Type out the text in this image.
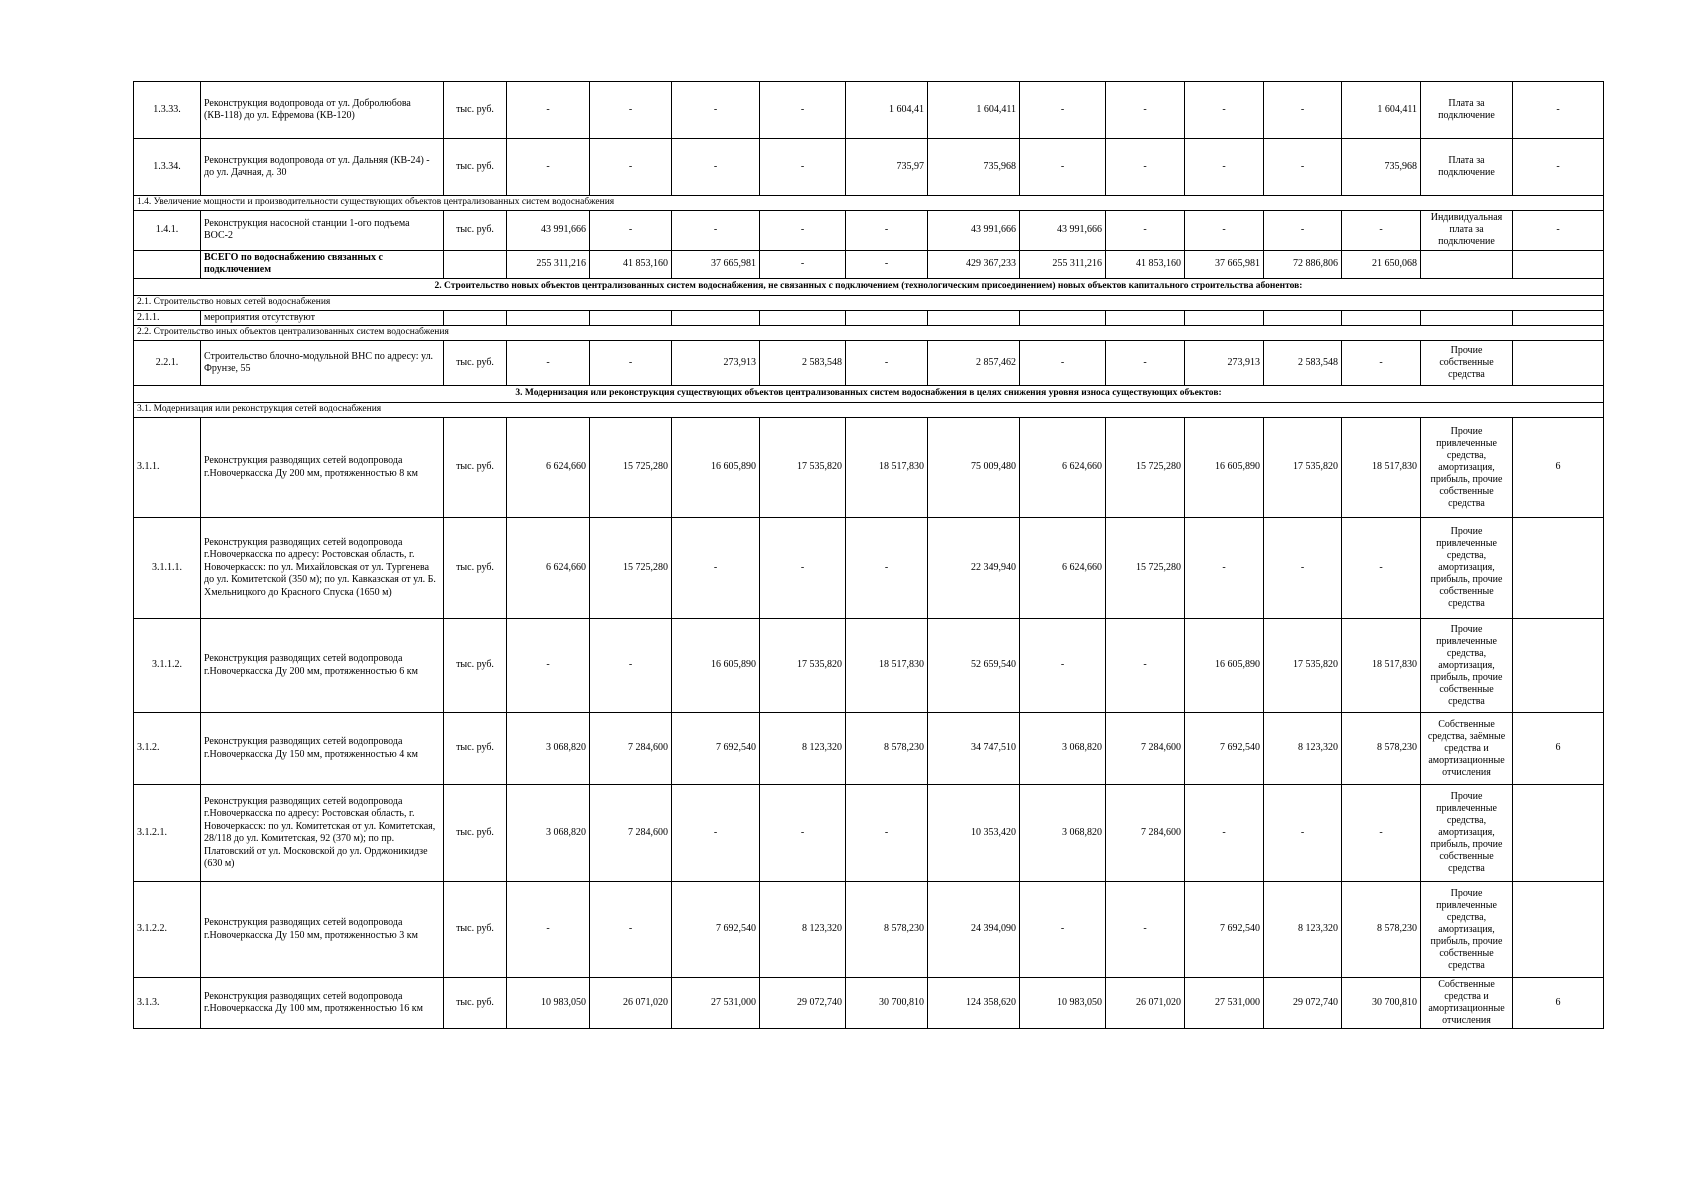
1.3.33.	Реконструкция водопровода от ул. Добролюбова (КВ-118) до ул. Ефремова (КВ-120)	тыс. руб.	-	-	-	-	1 604,41	1 604,411	-	-	-	-	1 604,411	Плата за подключение	-
1.3.34.	Реконструкция водопровода от ул. Дальняя (КВ-24) - до ул. Дачная, д. 30	тыс. руб.	-	-	-	-	735,97	735,968	-	-	-	-	735,968	Плата за подключение	-
1.4. Увеличение мощности и производительности существующих объектов централизованных систем водоснабжения															
1.4.1.	Реконструкция насосной станции 1-ого подъема ВОС-2	тыс. руб.	43 991,666	-	-	-	-	43 991,666	43 991,666	-	-	-	-	Индивидуальная плата за подключение	-
	ВСЕГО по водоснабжению связанных с подключением		255 311,216	41 853,160	37 665,981	-	-	429 367,233	255 311,216	41 853,160	37 665,981	72 886,806	21 650,068		
2. Строительство новых объектов централизованных систем водоснабжения, не связанных с подключением (технологическим присоединением) новых объектов капитального строительства абонентов:															
2.1. Строительство новых сетей водоснабжения															
2.1.1.	мероприятия отсутствуют														
2.2. Строительство иных объектов централизованных систем водоснабжения															
2.2.1.	Строительство блочно-модульной ВНС по адресу: ул. Фрунзе, 55	тыс. руб.	-	-	273,913	2 583,548	-	2 857,462	-	-	273,913	2 583,548	-	Прочие собственные средства	
3. Модернизация или реконструкция существующих объектов централизованных систем водоснабжения в целях снижения уровня износа существующих объектов:															
3.1. Модернизация или реконструкция сетей водоснабжения															
3.1.1.	Реконструкция разводящих сетей водопровода г.Новочеркасска Ду 200 мм, протяженностью 8 км	тыс. руб.	6 624,660	15 725,280	16 605,890	17 535,820	18 517,830	75 009,480	6 624,660	15 725,280	16 605,890	17 535,820	18 517,830	Прочие привлеченные средства, амортизация, прибыль, прочие собственные средства	6
3.1.1.1.	Реконструкция разводящих сетей водопровода г.Новочеркасска по адресу: Ростовская область, г. Новочеркасск: по ул. Михайловская от ул. Тургенева до ул. Комитетской (350 м); по ул. Кавказская от ул. Б. Хмельницкого до Красного Спуска (1650 м)	тыс. руб.	6 624,660	15 725,280	-	-	-	22 349,940	6 624,660	15 725,280	-	-	-	Прочие привлеченные средства, амортизация, прибыль, прочие собственные средства	
3.1.1.2.	Реконструкция разводящих сетей водопровода г.Новочеркасска Ду 200 мм, протяженностью 6 км	тыс. руб.	-	-	16 605,890	17 535,820	18 517,830	52 659,540	-	-	16 605,890	17 535,820	18 517,830	Прочие привлеченные средства, амортизация, прибыль, прочие собственные средства	
3.1.2.	Реконструкция разводящих сетей водопровода г.Новочеркасска Ду 150 мм, протяженностью 4 км	тыс. руб.	3 068,820	7 284,600	7 692,540	8 123,320	8 578,230	34 747,510	3 068,820	7 284,600	7 692,540	8 123,320	8 578,230	Собственные средства, заёмные средства и амортизационные отчисления	6
3.1.2.1.	Реконструкция разводящих сетей водопровода г.Новочеркасска по адресу: Ростовская область, г. Новочеркасск: по ул. Комитетская от ул. Комитетская, 28/118 до ул. Комитетская, 92 (370 м); по пр. Платовский от ул. Московской до ул. Орджоникидзе (630 м)	тыс. руб.	3 068,820	7 284,600	-	-	-	10 353,420	3 068,820	7 284,600	-	-	-	Прочие привлеченные средства, амортизация, прибыль, прочие собственные средства	
3.1.2.2.	Реконструкция разводящих сетей водопровода г.Новочеркасска Ду 150 мм, протяженностью 3 км	тыс. руб.	-	-	7 692,540	8 123,320	8 578,230	24 394,090	-	-	7 692,540	8 123,320	8 578,230	Прочие привлеченные средства, амортизация, прибыль, прочие собственные средства	
3.1.3.	Реконструкция разводящих сетей водопровода г.Новочеркасска Ду 100 мм, протяженностью 16 км	тыс. руб.	10 983,050	26 071,020	27 531,000	29 072,740	30 700,810	124 358,620	10 983,050	26 071,020	27 531,000	29 072,740	30 700,810	Собственные средства и амортизационные отчисления	6
